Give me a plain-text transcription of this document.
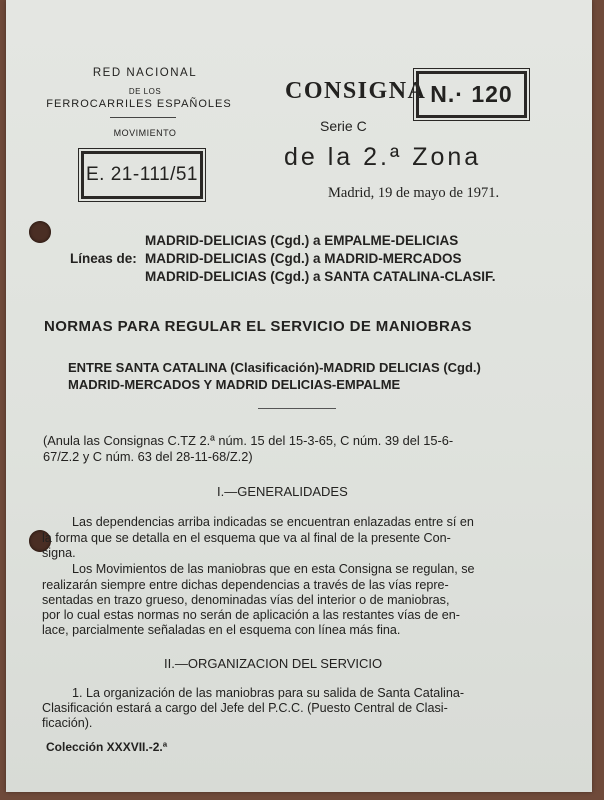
RED NACIONAL
DE LOS
FERROCARRILES ESPAÑOLES
MOVIMIENTO
E. 21-111/51
CONSIGNA N.· 120
Serie C
de la 2.ª Zona
Madrid, 19 de mayo de 1971.
Líneas de:
MADRID-DELICIAS (Cgd.) a EMPALME-DELICIAS
MADRID-DELICIAS (Cgd.) a MADRID-MERCADOS
MADRID-DELICIAS (Cgd.) a SANTA CATALINA-CLASIF.
NORMAS PARA REGULAR EL SERVICIO DE MANIOBRAS
ENTRE SANTA CATALINA (Clasificación)-MADRID DELICIAS (Cgd.)
MADRID-MERCADOS Y MADRID DELICIAS-EMPALME
(Anula las Consignas C.TZ 2.ª núm. 15 del 15-3-65, C núm. 39 del 15-6-
67/Z.2 y C núm. 63 del 28-11-68/Z.2)
I.—GENERALIDADES
Las dependencias arriba indicadas se encuentran enlazadas entre sí en
la forma que se detalla en el esquema que va al final de la presente Con-
signa.
Los Movimientos de las maniobras que en esta Consigna se regulan, se
realizarán siempre entre dichas dependencias a través de las vías repre-
sentadas en trazo grueso, denominadas vías del interior o de maniobras,
por lo cual estas normas no serán de aplicación a las restantes vías de en-
lace, parcialmente señaladas en el esquema con línea más fina.
II.—ORGANIZACION DEL SERVICIO
1. La organización de las maniobras para su salida de Santa Catalina-
Clasificación estará a cargo del Jefe del P.C.C. (Puesto Central de Clasi-
ficación).
Colección XXXVII.-2.ª
